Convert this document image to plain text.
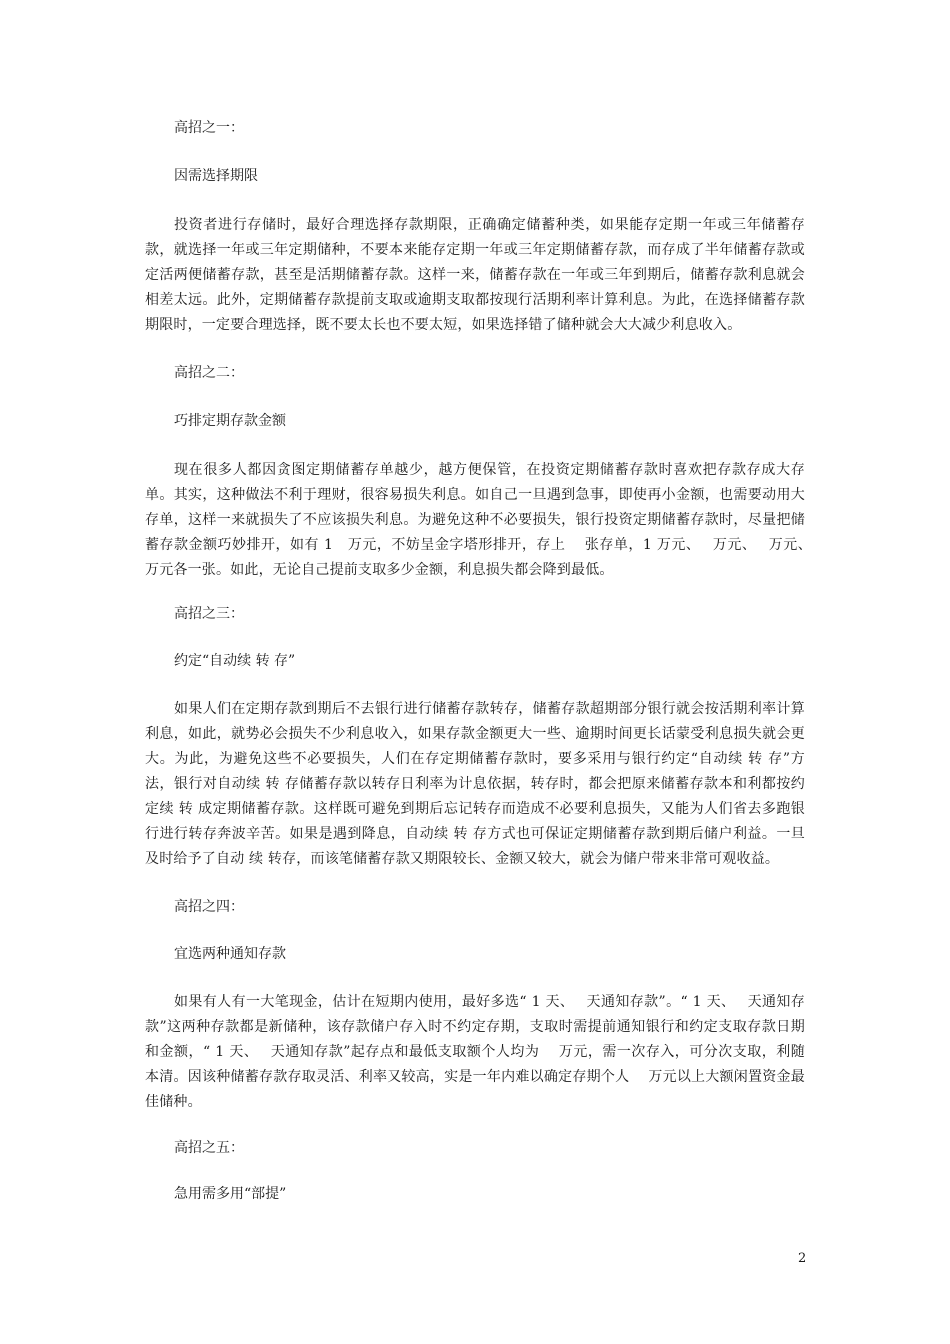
高招之一：
因需选择期限
投资者进行存储时，最好合理选择存款期限，正确确定储蓄种类，如果能存定期一年或三年储蓄存款，就选择一年或三年定期储种，不要本来能存定期一年或三年定期储蓄存款，而存成了半年储蓄存款或定活两便储蓄存款，甚至是活期储蓄存款。这样一来，储蓄存款在一年或三年到期后，储蓄存款利息就会相差太远。此外，定期储蓄存款提前支取或逾期支取都按现行活期利率计算利息。为此，在选择储蓄存款期限时，一定要合理选择，既不要太长也不要太短，如果选择错了储种就会大大减少利息收入。
高招之二：
巧排定期存款金额
现在很多人都因贪图定期储蓄存单越少，越方便保管，在投资定期储蓄存款时喜欢把存款存成大存单。其实，这种做法不利于理财，很容易损失利息。如自己一旦遇到急事，即使再小金额，也需要动用大存单，这样一来就损失了不应该损失利息。为避免这种不必要损失，银行投资定期储蓄存款时，尽量把储蓄存款金额巧妙排开，如有 1　万元，不妨呈金字塔形排开，存上　 张存单，1 万元、　 万元、　 万元、　 万元各一张。如此，无论自己提前支取多少金额，利息损失都会降到最低。
高招之三：
约定“自动续 转 存”
如果人们在定期存款到期后不去银行进行储蓄存款转存，储蓄存款超期部分银行就会按活期利率计算利息，如此，就势必会损失不少利息收入，如果存款金额更大一些、逾期时间更长话蒙受利息损失就会更大。为此，为避免这些不必要损失，人们在存定期储蓄存款时，要多采用与银行约定“自动续 转 存”方法，银行对自动续 转 存储蓄存款以转存日利率为计息依据，转存时，都会把原来储蓄存款本和利都按约定续 转 成定期储蓄存款。这样既可避免到期后忘记转存而造成不必要利息损失，又能为人们省去多跑银行进行转存奔波辛苦。如果是遇到降息，自动续 转 存方式也可保证定期储蓄存款到期后储户利益。一旦及时给予了自动 续 转存，而该笔储蓄存款又期限较长、金额又较大，就会为储户带来非常可观收益。
高招之四：
宜选两种通知存款
如果有人有一大笔现金，估计在短期内使用，最好多选“ 1 天、　 天通知存款”。“ 1 天、　 天通知存款”这两种存款都是新储种，该存款储户存入时不约定存期，支取时需提前通知银行和约定支取存款日期和金额，“ 1 天、　 天通知存款”起存点和最低支取额个人均为　 万元，需一次存入，可分次支取，利随本清。因该种储蓄存款存取灵活、利率又较高，实是一年内难以确定存期个人　 万元以上大额闲置资金最佳储种。
高招之五：
急用需多用“部提”
2
